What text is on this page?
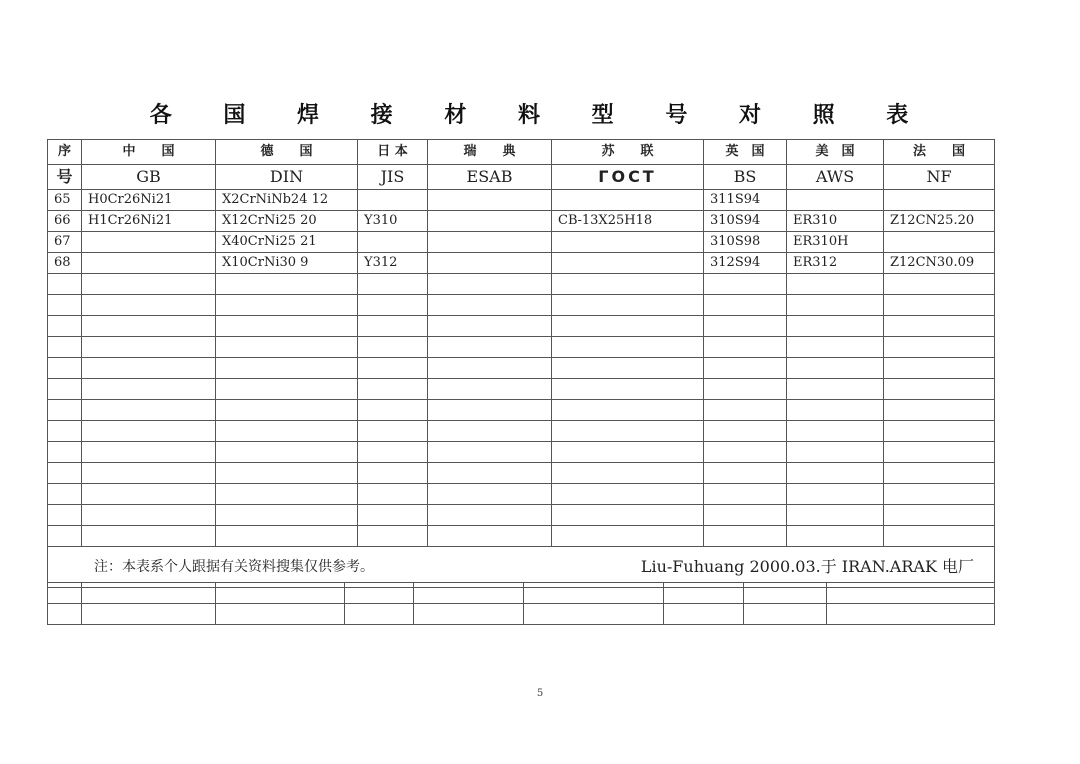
各 国 焊 接 材 料 型 号 对 照 表
序	中　　国	德　　国	日 本	瑞　　典	苏　　联	英　国	美　国	法　　国
号	GB	DIN	JIS	ESAB	ГОСТ	BS	AWS	NF
65	H0Cr26Ni21	X2CrNiNb24 12				311S94		
66	H1Cr26Ni21	X12CrNi25 20	Y310		СВ-13Х25Н18	310S94	ER310	Z12CN25.20
67		X40CrNi25 21				310S98	ER310H	
68		X10CrNi30 9	Y312			312S94	ER312	Z12CN30.09

注：本表系个人跟据有关资料搜集仅供参考。 Liu-Fuhuang 2000.03.于 IRAN.ARAK 电厂								

5
